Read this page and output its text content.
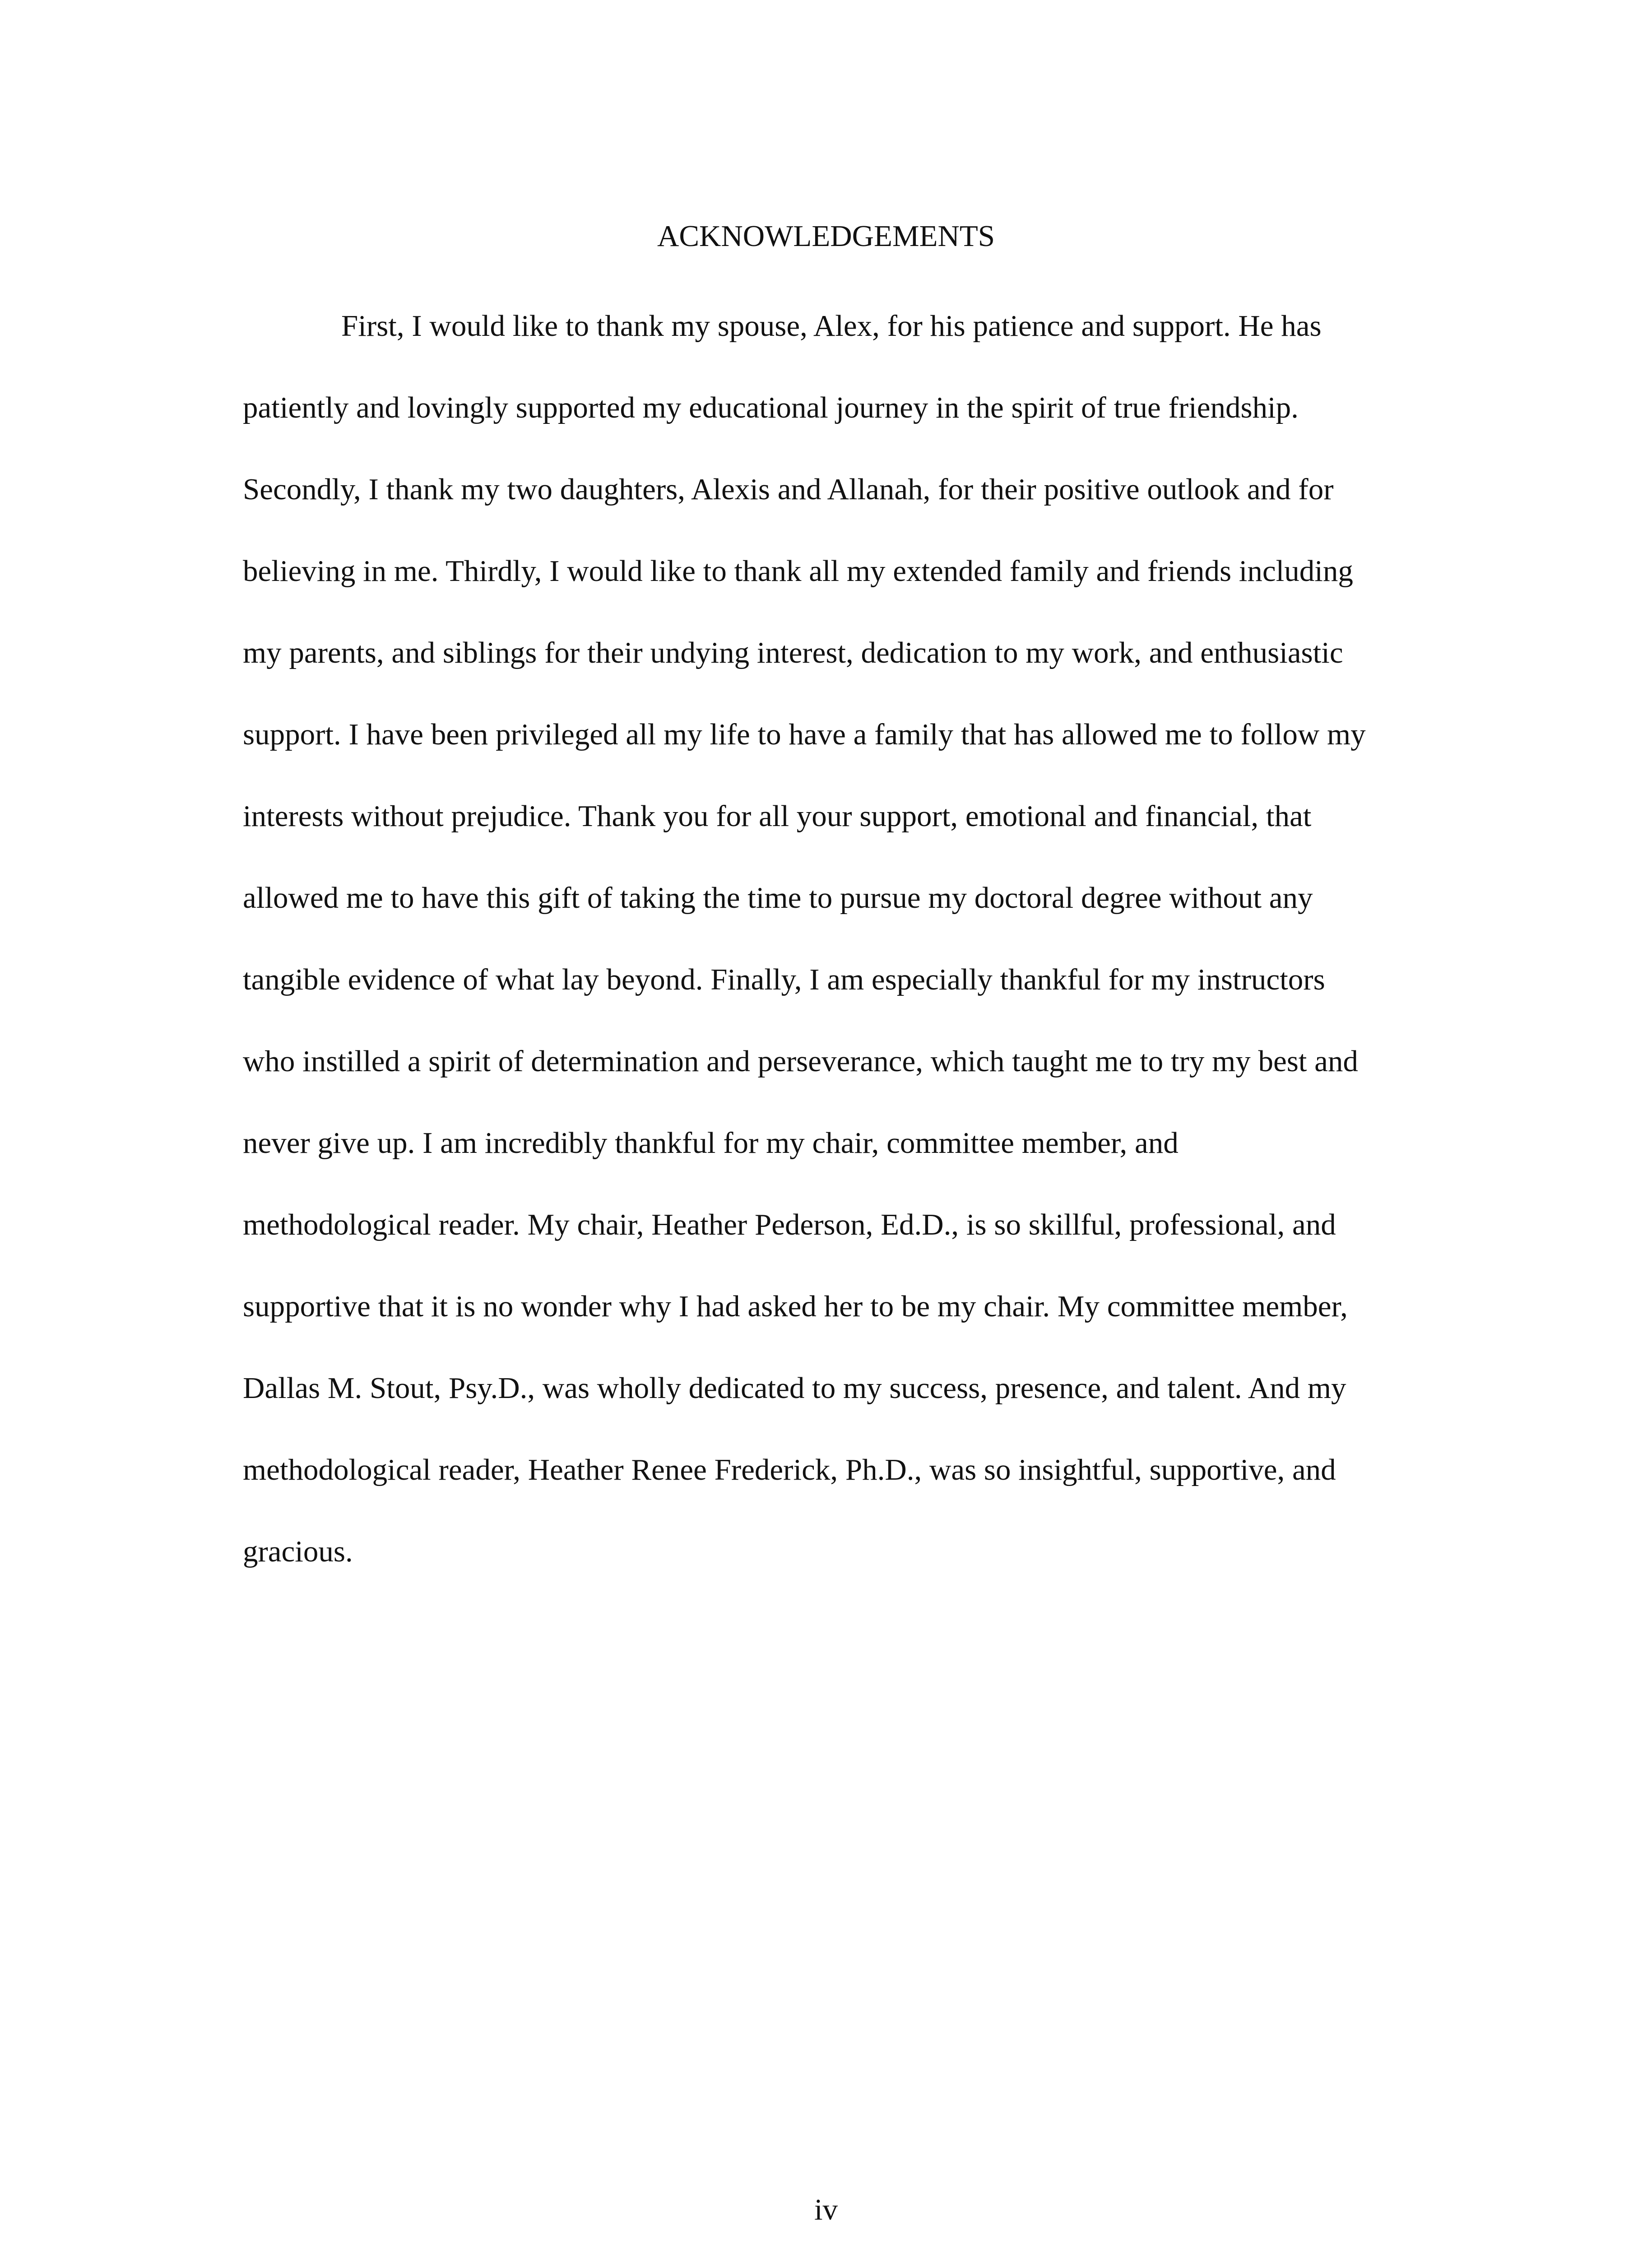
ACKNOWLEDGEMENTS
First, I would like to thank my spouse, Alex, for his patience and support. He has
patiently and lovingly supported my educational journey in the spirit of true friendship.
Secondly, I thank my two daughters, Alexis and Allanah, for their positive outlook and for
believing in me. Thirdly, I would like to thank all my extended family and friends including
my parents, and siblings for their undying interest, dedication to my work, and enthusiastic
support. I have been privileged all my life to have a family that has allowed me to follow my
interests without prejudice. Thank you for all your support, emotional and financial, that
allowed me to have this gift of taking the time to pursue my doctoral degree without any
tangible evidence of what lay beyond. Finally, I am especially thankful for my instructors
who instilled a spirit of determination and perseverance, which taught me to try my best and
never give up. I am incredibly thankful for my chair, committee member, and
methodological reader. My chair, Heather Pederson, Ed.D., is so skillful, professional, and
supportive that it is no wonder why I had asked her to be my chair. My committee member,
Dallas M. Stout, Psy.D., was wholly dedicated to my success, presence, and talent. And my
methodological reader, Heather Renee Frederick, Ph.D., was so insightful, supportive, and
gracious.
iv
